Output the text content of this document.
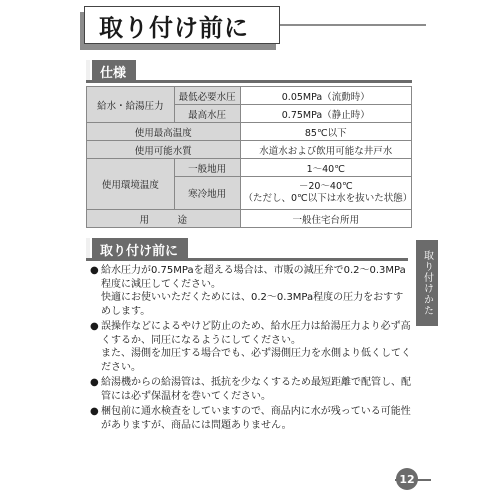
取り付け前に
仕様
給水・給湯圧力	最低必要水圧	0.05MPa（流動時）
	最高水圧	0.75MPa（静止時）
使用最高温度		85℃以下
使用可能水質		水道水および飲用可能な井戸水
使用環境温度	一般地用	1～40℃
	寒冷地用	－20～40℃
（ただし、0℃以下は水を抜いた状態）

用　　　途		一般住宅台所用
取り付け前に
● 給水圧力が0.75MPaを超える場合は、市販の減圧弁で0.2～0.3MPa程度に減圧してください。

快適にお使いいただくためには、0.2～0.3MPa程度の圧力をおすすめします。

● 誤操作などによるやけど防止のため、給水圧力は給湯圧力より必ず高くするか、同圧になるようにしてください。

また、湯側を加圧する場合でも、必ず湯側圧力を水側より低くしてください。

● 給湯機からの給湯管は、抵抗を少なくするため最短距離で配管し、配管には必ず保温材を巻いてください。

● 梱包前に通水検査をしていますので、商品内に水が残っている可能性がありますが、商品には問題ありません。

取り付けかた
12
